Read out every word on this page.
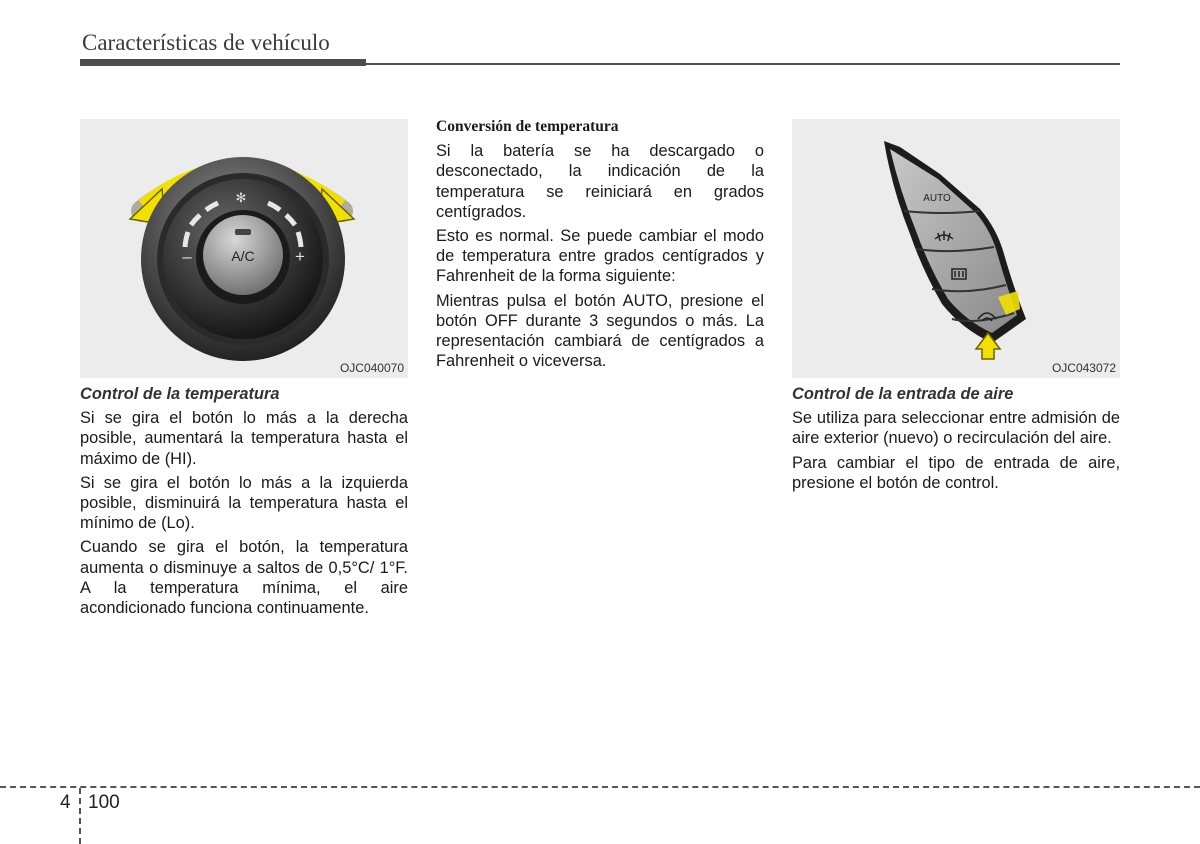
Características de vehículo
✻
–	+
A/C
OJC040070
AUTO
OJC043072

Control de la temperatura

Si se gira el botón lo más a la derecha posible, aumentará la temperatura hasta el máximo de (HI).

Si se gira el botón lo más a la izquierda posible, disminuirá la temperatura hasta el mínimo de (Lo).

Cuando se gira el botón, la temperatura aumenta o disminuye a saltos de 0,5°C/ 1°F. A la temperatura mínima, el aire acondicionado funciona continuamente.

Conversión de temperatura

Si la batería se ha descargado o desconectado, la indicación de la temperatura se reiniciará en grados centígrados.

Esto es normal. Se puede cambiar el modo de temperatura entre grados centígrados y Fahrenheit de la forma siguiente:

Mientras pulsa el botón AUTO, presione el botón OFF durante 3 segundos o más. La representación cambiará de centígrados a Fahrenheit o viceversa.

Control de la entrada de aire

Se utiliza para seleccionar entre admisión de aire exterior (nuevo) o recirculación del aire.

Para cambiar el tipo de entrada de aire, presione el botón de control.

4 100
